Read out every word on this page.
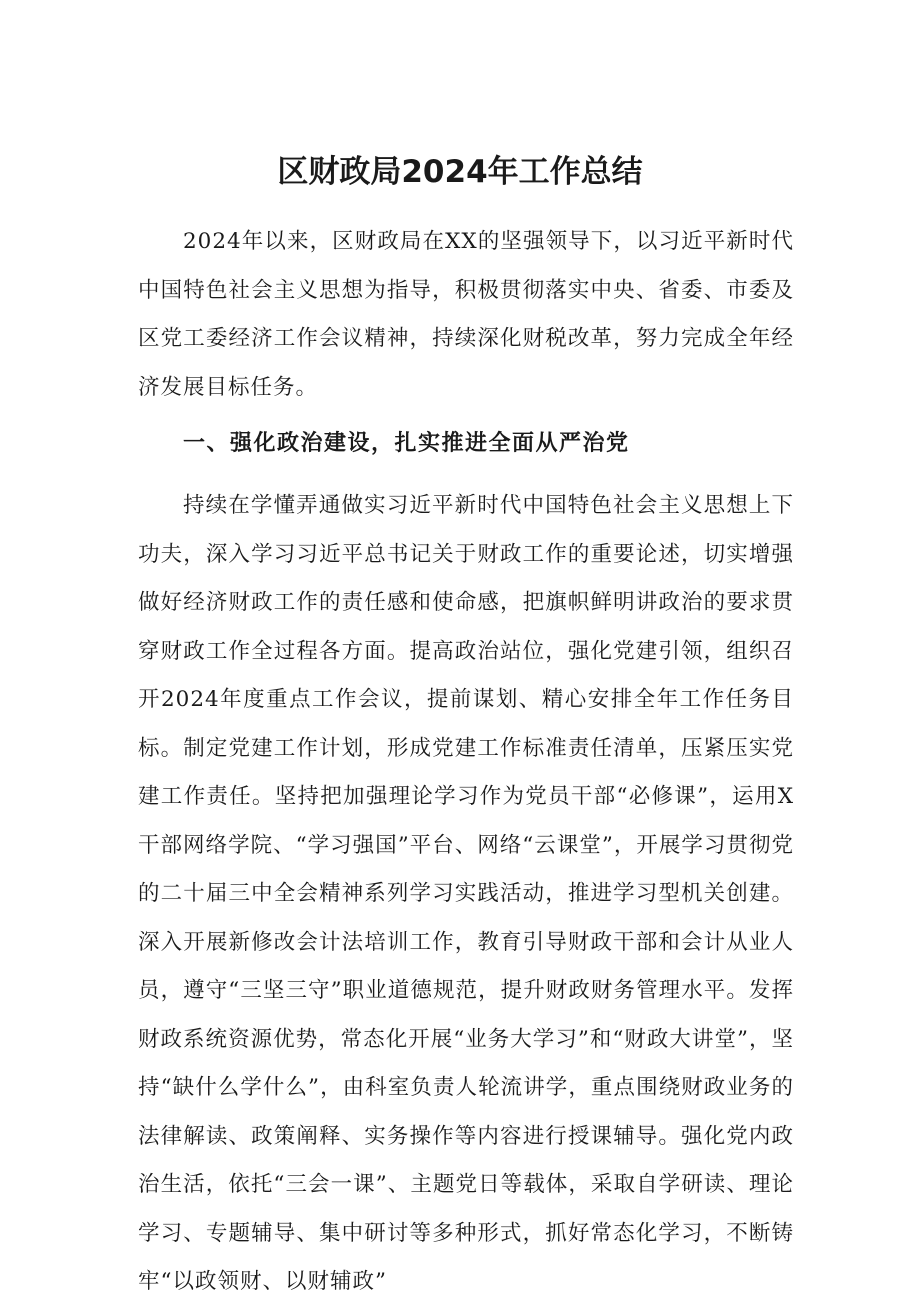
区财政局2024年工作总结

2024年以来，区财政局在XX的坚强领导下，以习近平新时代中国特色社会主义思想为指导，积极贯彻落实中央、省委、市委及区党工委经济工作会议精神，持续深化财税改革，努力完成全年经济发展目标任务。

一、强化政治建设，扎实推进全面从严治党

持续在学懂弄通做实习近平新时代中国特色社会主义思想上下功夫，深入学习习近平总书记关于财政工作的重要论述，切实增强做好经济财政工作的责任感和使命感，把旗帜鲜明讲政治的要求贯穿财政工作全过程各方面。提高政治站位，强化党建引领，组织召开2024年度重点工作会议，提前谋划、精心安排全年工作任务目标。制定党建工作计划，形成党建工作标准责任清单，压紧压实党建工作责任。坚持把加强理论学习作为党员干部“必修课”，运用X干部网络学院、“学习强国”平台、网络“云课堂”，开展学习贯彻党的二十届三中全会精神系列学习实践活动，推进学习型机关创建。深入开展新修改会计法培训工作，教育引导财政干部和会计从业人员，遵守“三坚三守”职业道德规范，提升财政财务管理水平。发挥财政系统资源优势，常态化开展“业务大学习”和“财政大讲堂”，坚持“缺什么学什么”，由科室负责人轮流讲学，重点围绕财政业务的法律解读、政策阐释、实务操作等内容进行授课辅导。强化党内政治生活，依托“三会一课”、主题党日等载体，采取自学研读、理论学习、专题辅导、集中研讨等多种形式，抓好常态化学习，不断铸牢“以政领财、以财辅政”
